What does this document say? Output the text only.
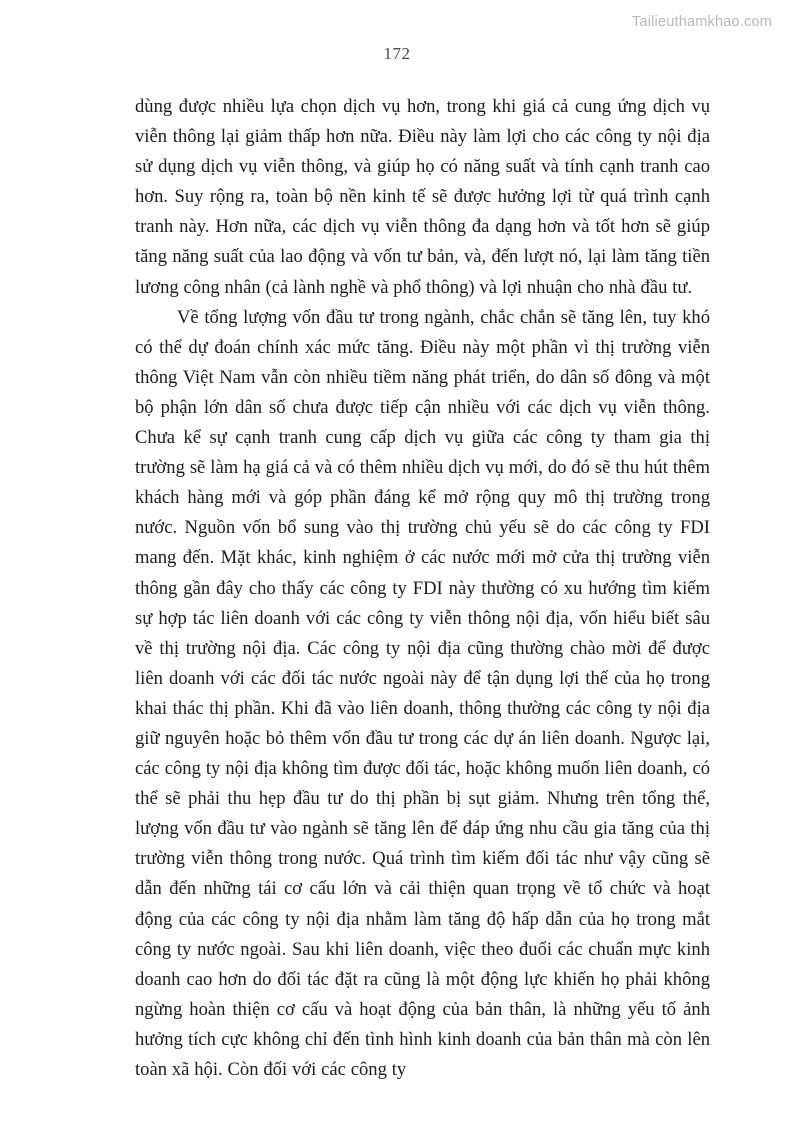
Tailieuthamkhao.com
172

dùng được nhiều lựa chọn dịch vụ hơn, trong khi giá cả cung ứng dịch vụ viễn thông lại giảm thấp hơn nữa. Điều này làm lợi cho các công ty nội địa sử dụng dịch vụ viễn thông, và giúp họ có năng suất và tính cạnh tranh cao hơn. Suy rộng ra, toàn bộ nền kinh tế sẽ được hưởng lợi từ quá trình cạnh tranh này. Hơn nữa, các dịch vụ viễn thông đa dạng hơn và tốt hơn sẽ giúp tăng năng suất của lao động và vốn tư bản, và, đến lượt nó, lại làm tăng tiền lương công nhân (cả lành nghề và phổ thông) và lợi nhuận cho nhà đầu tư.

Về tổng lượng vốn đầu tư trong ngành, chắc chắn sẽ tăng lên, tuy khó có thể dự đoán chính xác mức tăng. Điều này một phần vì thị trường viễn thông Việt Nam vẫn còn nhiều tiềm năng phát triển, do dân số đông và một bộ phận lớn dân số chưa được tiếp cận nhiều với các dịch vụ viễn thông. Chưa kể sự cạnh tranh cung cấp dịch vụ giữa các công ty tham gia thị trường sẽ làm hạ giá cả và có thêm nhiều dịch vụ mới, do đó sẽ thu hút thêm khách hàng mới và góp phần đáng kể mở rộng quy mô thị trường trong nước. Nguồn vốn bổ sung vào thị trường chủ yếu sẽ do các công ty FDI mang đến. Mặt khác, kinh nghiệm ở các nước mới mở cửa thị trường viễn thông gần đây cho thấy các công ty FDI này thường có xu hướng tìm kiếm sự hợp tác liên doanh với các công ty viễn thông nội địa, vốn hiểu biết sâu về thị trường nội địa. Các công ty nội địa cũng thường chào mời để được liên doanh với các đối tác nước ngoài này để tận dụng lợi thế của họ trong khai thác thị phần. Khi đã vào liên doanh, thông thường các công ty nội địa giữ nguyên hoặc bỏ thêm vốn đầu tư trong các dự án liên doanh. Ngược lại, các công ty nội địa không tìm được đối tác, hoặc không muốn liên doanh, có thể sẽ phải thu hẹp đầu tư do thị phần bị sụt giảm. Nhưng trên tổng thể, lượng vốn đầu tư vào ngành sẽ tăng lên để đáp ứng nhu cầu gia tăng của thị trường viễn thông trong nước. Quá trình tìm kiếm đối tác như vậy cũng sẽ dẫn đến những tái cơ cấu lớn và cải thiện quan trọng về tổ chức và hoạt động của các công ty nội địa nhằm làm tăng độ hấp dẫn của họ trong mắt công ty nước ngoài. Sau khi liên doanh, việc theo đuổi các chuẩn mực kinh doanh cao hơn do đối tác đặt ra cũng là một động lực khiến họ phải không ngừng hoàn thiện cơ cấu và hoạt động của bản thân, là những yếu tố ảnh hưởng tích cực không chỉ đến tình hình kinh doanh của bản thân mà còn lên toàn xã hội. Còn đối với các công ty
